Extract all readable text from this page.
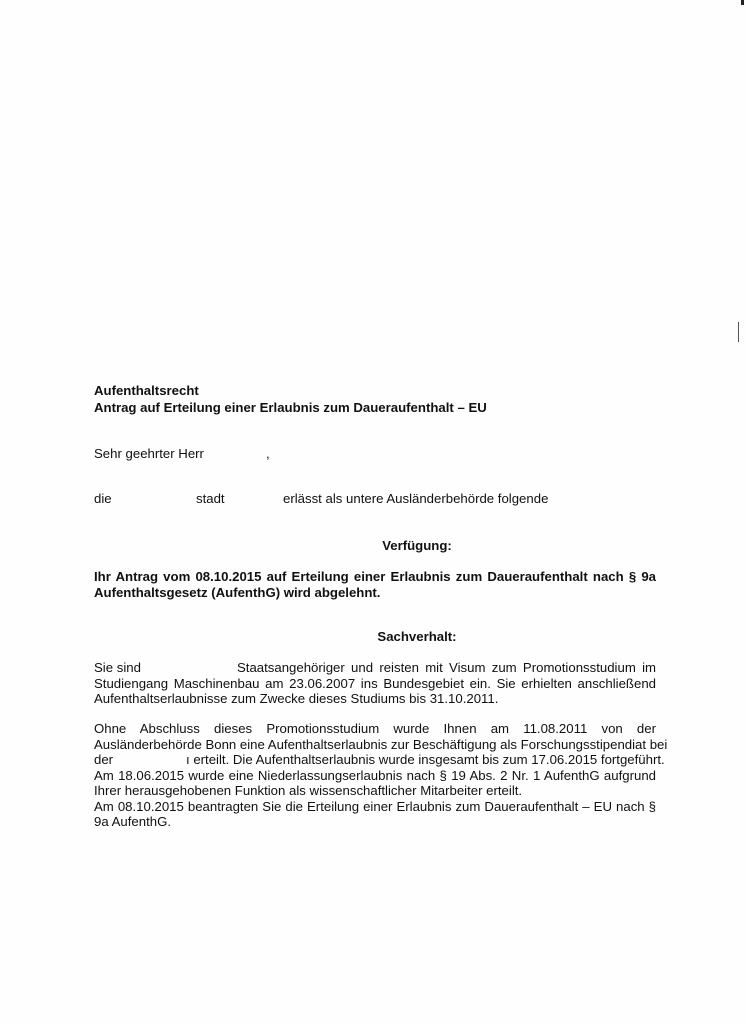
Aufenthaltsrecht
Antrag auf Erteilung einer Erlaubnis zum Daueraufenthalt – EU
Sehr geehrter Herr	,
die	stadt	erlässt als untere Ausländerbehörde folgende
Verfügung:
Ihr Antrag vom 08.10.2015 auf Erteilung einer Erlaubnis zum Daueraufenthalt nach § 9a
Aufenthaltsgesetz (AufenthG) wird abgelehnt.
Sachverhalt:
Sie sind	Staatsangehöriger und reisten mit Visum zum Promotionsstudium im
Studiengang Maschinenbau am 23.06.2007 ins Bundesgebiet ein. Sie erhielten anschließend
Aufenthaltserlaubnisse zum Zwecke dieses Studiums bis 31.10.2011.
Ohne Abschluss dieses Promotionsstudium wurde Ihnen am 11.08.2011 von der
Ausländerbehörde Bonn eine Aufenthaltserlaubnis zur Beschäftigung als Forschungsstipendiat bei
der	ı erteilt. Die Aufenthaltserlaubnis wurde insgesamt bis zum 17.06.2015 fortgeführt.
Am 18.06.2015 wurde eine Niederlassungserlaubnis nach § 19 Abs. 2 Nr. 1 AufenthG aufgrund
Ihrer herausgehobenen Funktion als wissenschaftlicher Mitarbeiter erteilt.
Am 08.10.2015 beantragten Sie die Erteilung einer Erlaubnis zum Daueraufenthalt – EU nach §
9a AufenthG.
